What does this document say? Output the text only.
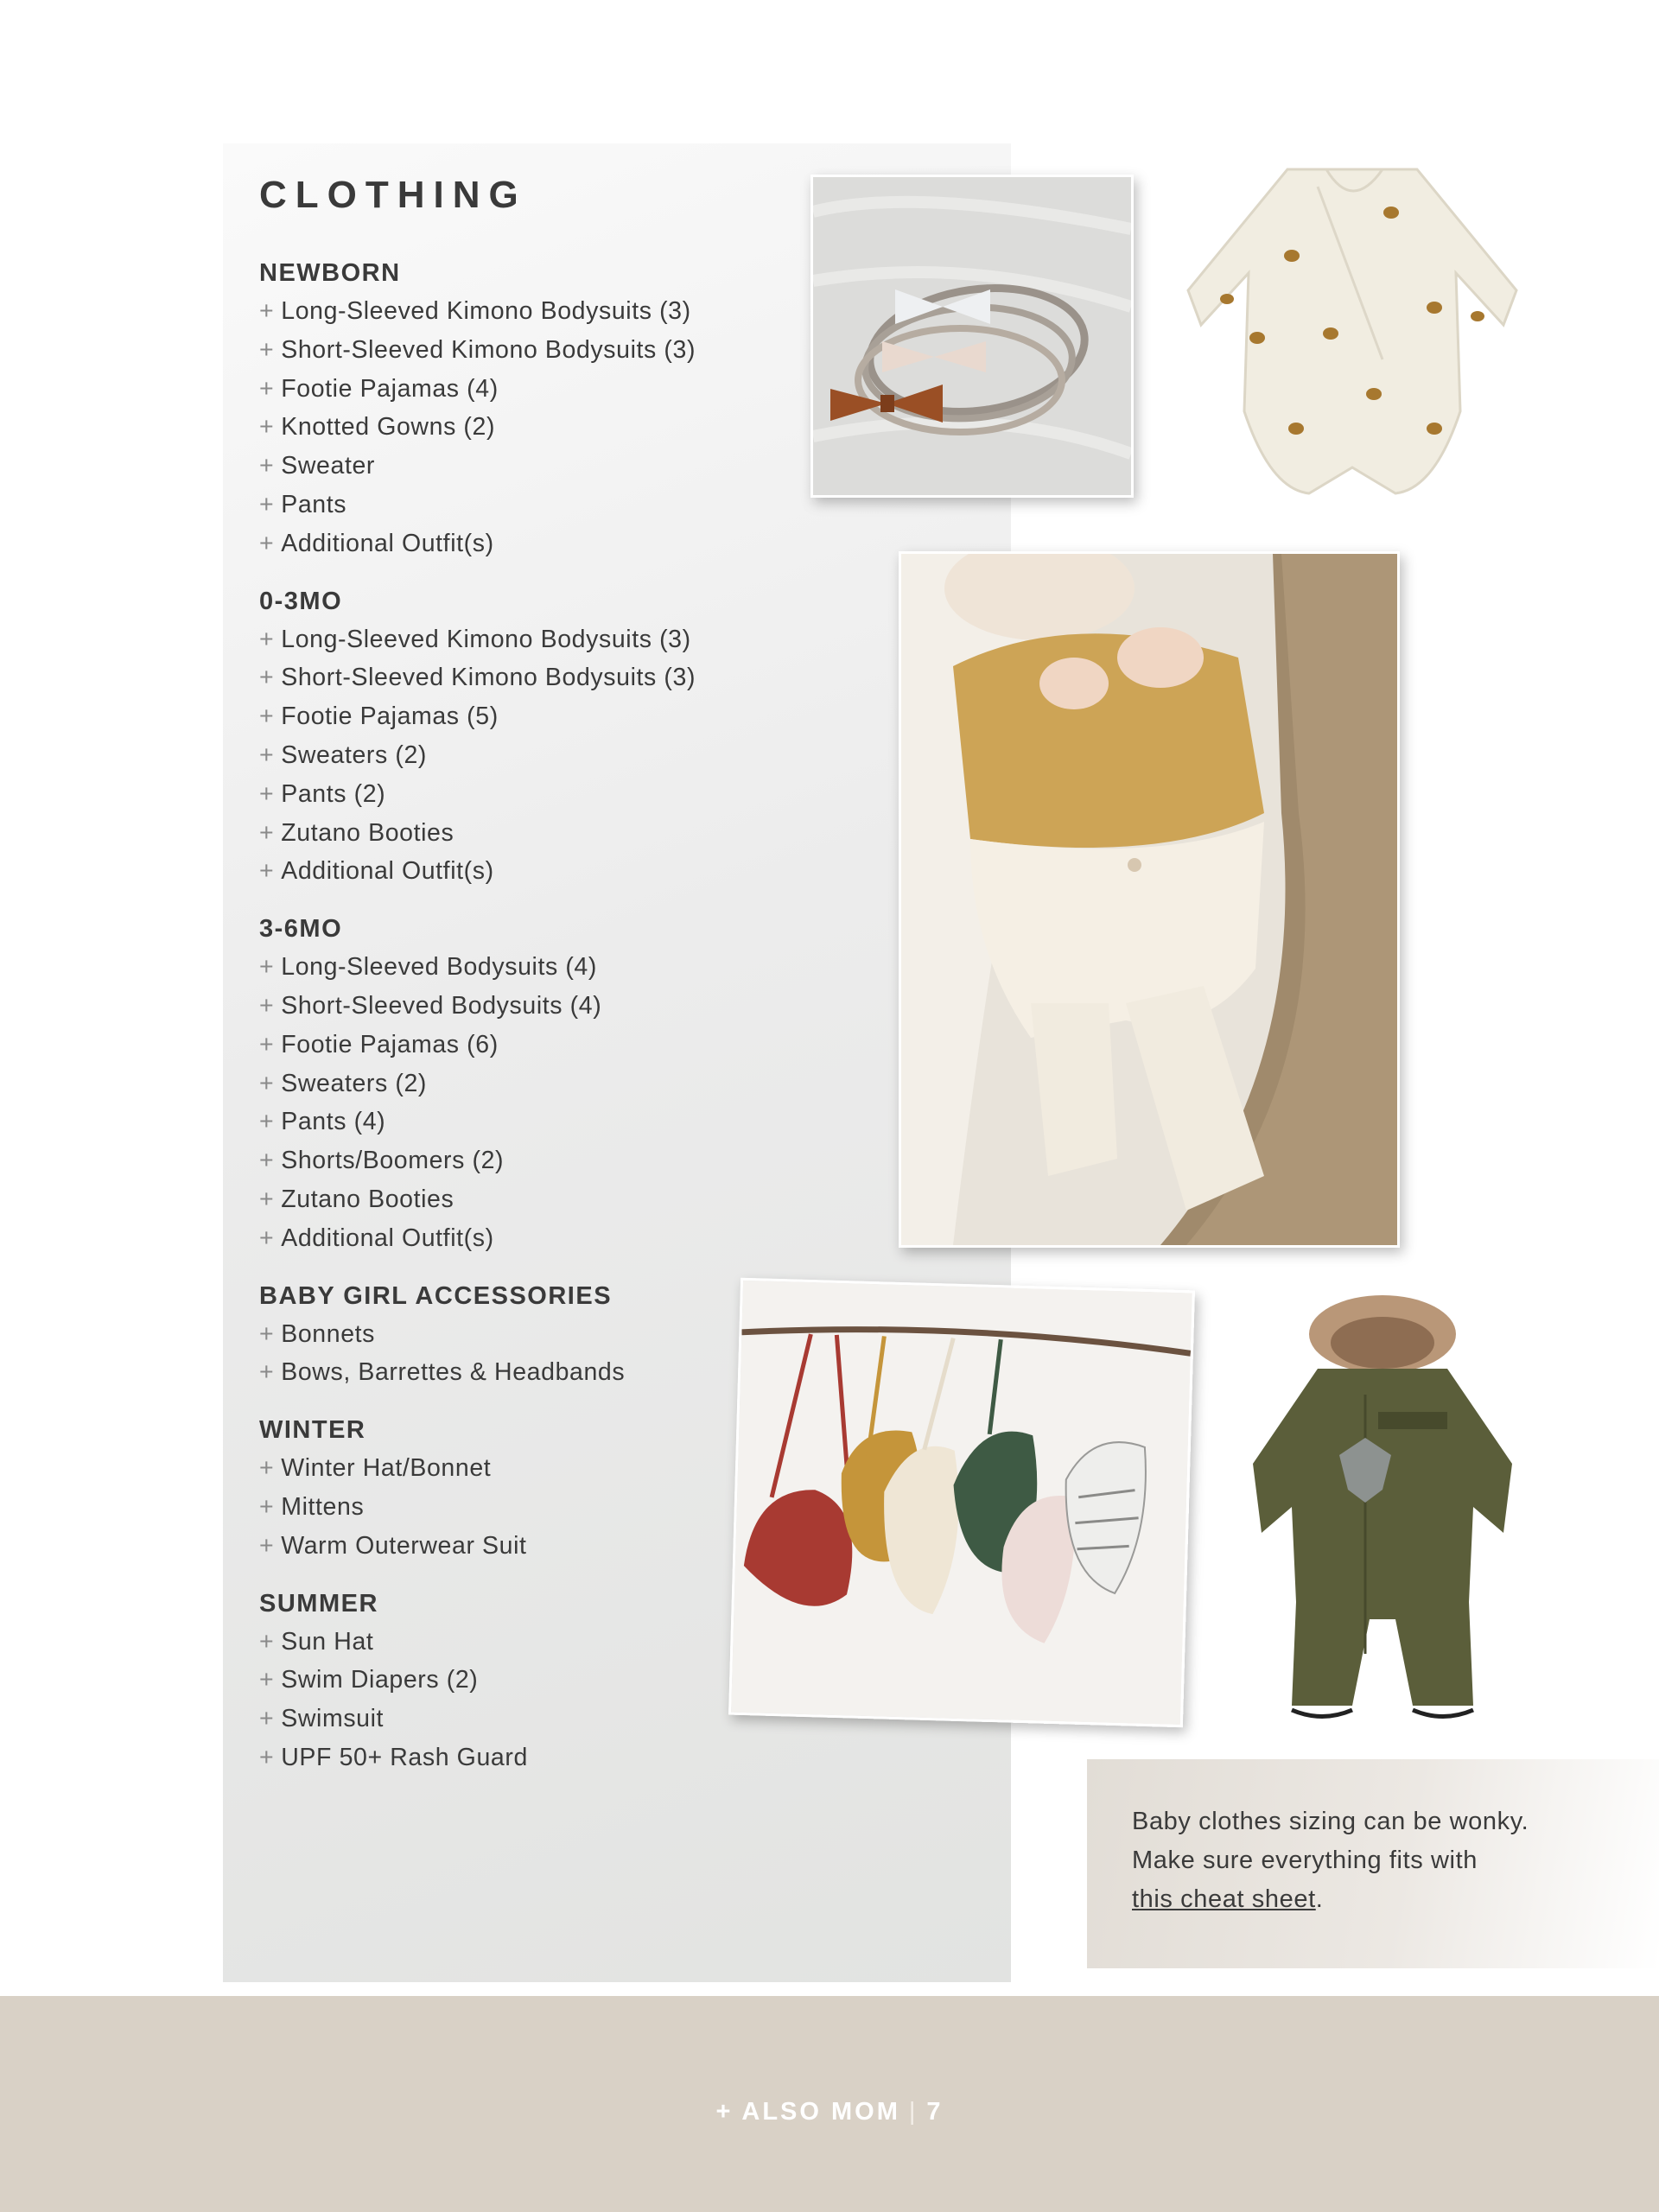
CLOTHING
NEWBORN
+ Long-Sleeved Kimono Bodysuits (3)
+ Short-Sleeved Kimono Bodysuits (3)
+ Footie Pajamas (4)
+ Knotted Gowns (2)
+ Sweater
+ Pants
+ Additional Outfit(s)
0-3MO
+ Long-Sleeved Kimono Bodysuits (3)
+ Short-Sleeved Kimono Bodysuits (3)
+ Footie Pajamas (5)
+ Sweaters (2)
+ Pants (2)
+ Zutano Booties
+ Additional Outfit(s)
3-6MO
+ Long-Sleeved Bodysuits (4)
+ Short-Sleeved Bodysuits (4)
+ Footie Pajamas (6)
+ Sweaters (2)
+ Pants (4)
+ Shorts/Boomers (2)
+ Zutano Booties
+ Additional Outfit(s)
BABY GIRL ACCESSORIES
+ Bonnets
+ Bows, Barrettes & Headbands
WINTER
+ Winter Hat/Bonnet
+ Mittens
+ Warm Outerwear Suit
SUMMER
+ Sun Hat
+ Swim Diapers (2)
+ Swimsuit
+ UPF 50+ Rash Guard

Baby clothes sizing can be wonky.
Make sure everything fits with
this cheat sheet.

+ ALSO MOM | 7
